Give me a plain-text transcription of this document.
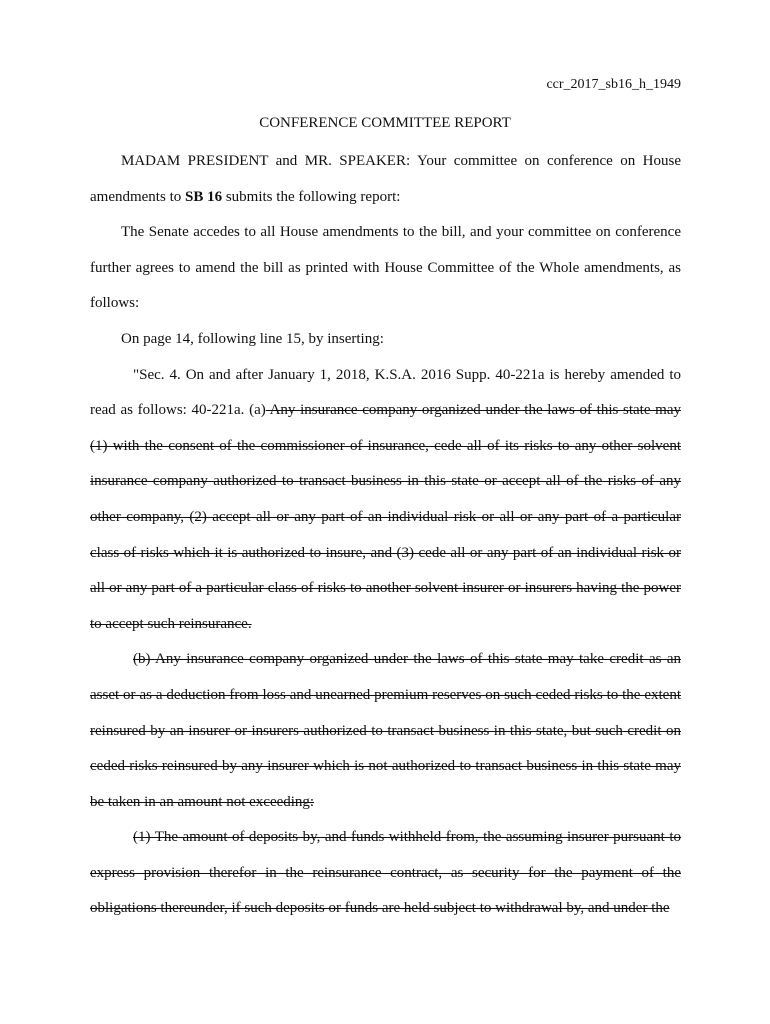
ccr_2017_sb16_h_1949
CONFERENCE COMMITTEE REPORT

MADAM PRESIDENT and MR. SPEAKER: Your committee on conference on House amendments to SB 16 submits the following report:

The Senate accedes to all House amendments to the bill, and your committee on conference further agrees to amend the bill as printed with House Committee of the Whole amendments, as follows:

On page 14, following line 15, by inserting:

"Sec. 4. On and after January 1, 2018, K.S.A. 2016 Supp. 40-221a is hereby amended to read as follows: 40-221a. (a) Any insurance company organized under the laws of this state may (1) with the consent of the commissioner of insurance, cede all of its risks to any other solvent insurance company authorized to transact business in this state or accept all of the risks of any other company, (2) accept all or any part of an individual risk or all or any part of a particular class of risks which it is authorized to insure, and (3) cede all or any part of an individual risk or all or any part of a particular class of risks to another solvent insurer or insurers having the power to accept such reinsurance.

(b) Any insurance company organized under the laws of this state may take credit as an asset or as a deduction from loss and unearned premium reserves on such ceded risks to the extent reinsured by an insurer or insurers authorized to transact business in this state, but such credit on ceded risks reinsured by any insurer which is not authorized to transact business in this state may be taken in an amount not exceeding:

(1) The amount of deposits by, and funds withheld from, the assuming insurer pursuant to express provision therefor in the reinsurance contract, as security for the payment of the obligations thereunder, if such deposits or funds are held subject to withdrawal by, and under the
